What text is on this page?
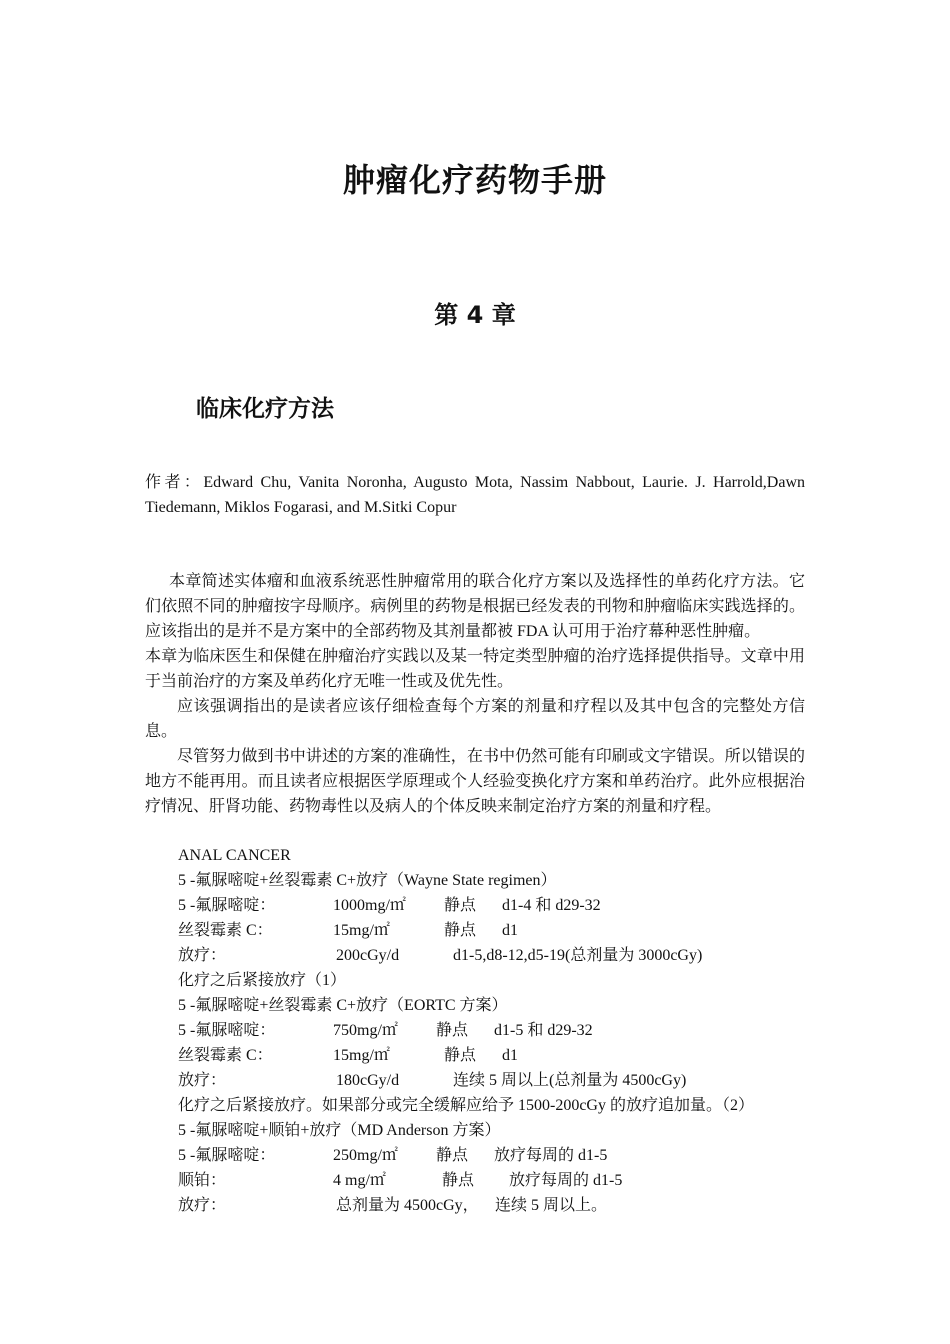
肿瘤化疗药物手册
第 4 章
临床化疗方法
作者：Edward Chu, Vanita Noronha, Augusto Mota, Nassim Nabbout, Laurie. J. Harrold,Dawn Tiedemann, Miklos Fogarasi, and M.Sitki Copur

本章简述实体瘤和血液系统恶性肿瘤常用的联合化疗方案以及选择性的单药化疗方法。它们依照不同的肿瘤按字母顺序。病例里的药物是根据已经发表的刊物和肿瘤临床实践选择的。应该指出的是并不是方案中的全部药物及其剂量都被 FDA 认可用于治疗幕种恶性肿瘤。

本章为临床医生和保健在肿瘤治疗实践以及某一特定类型肿瘤的治疗选择提供指导。文章中用于当前治疗的方案及单药化疗无唯一性或及优先性。

应该强调指出的是读者应该仔细检查每个方案的剂量和疗程以及其中包含的完整处方信息。

尽管努力做到书中讲述的方案的准确性，在书中仍然可能有印刷或文字错误。所以错误的地方不能再用。而且读者应根据医学原理或个人经验变换化疗方案和单药治疗。此外应根据治疗情况、肝肾功能、药物毒性以及病人的个体反映来制定治疗方案的剂量和疗程。

ANAL CANCER
5 -氟脲嘧啶+丝裂霉素 C+放疗（Wayne State regimen）
5 -氟脲嘧啶：	1000mg/㎡ 静点 d1-4 和 d29-32
丝裂霉素 C：	15mg/㎡	静点 d1
放疗：	200cGy/d	d1-5,d8-12,d5-19(总剂量为 3000cGy)
化疗之后紧接放疗（1）
5 -氟脲嘧啶+丝裂霉素 C+放疗（EORTC 方案）
5 -氟脲嘧啶：	750mg/㎡ 静点 d1-5 和 d29-32
丝裂霉素 C：	15mg/㎡	静点 d1
放疗：	180cGy/d	连续 5 周以上(总剂量为 4500cGy)
化疗之后紧接放疗。如果部分或完全缓解应给予 1500-200cGy 的放疗追加量。（2）
5 -氟脲嘧啶+顺铂+放疗（MD Anderson 方案）
5 -氟脲嘧啶：	250mg/㎡ 静点 放疗每周的 d1-5
顺铂：	4 mg/㎡	静点 放疗每周的 d1-5
放疗：	总剂量为 4500cGy， 连续 5 周以上。
